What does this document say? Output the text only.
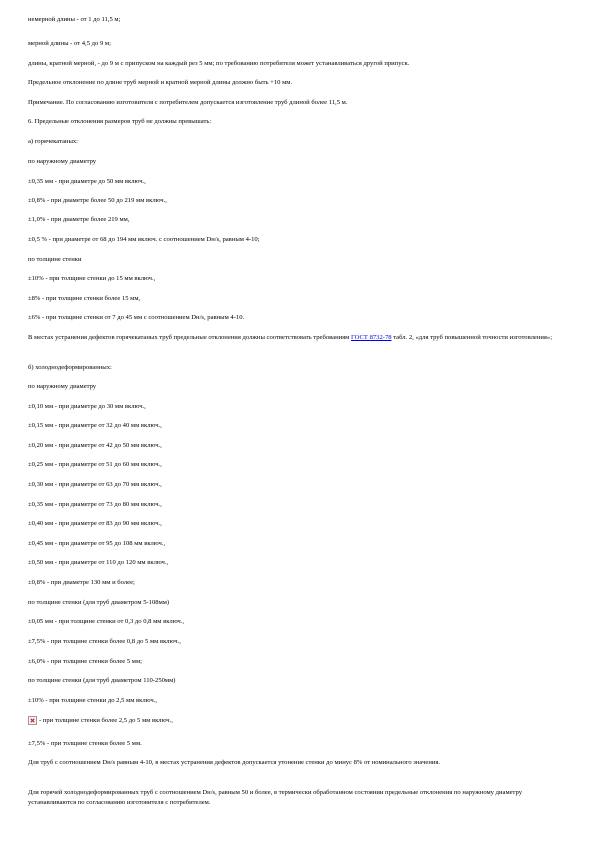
немерной длины - от 1 до 11,5 м;
мерной длины - от 4,5 до 9 м;
длины, кратной мерной, - до 9 м с припуском на каждый рез 5 мм; по требованию потребителя может устанавливаться другой припуск.
Предельное отклонение по длине труб мерной и кратной мерной длины должно быть +10 мм.
Примечание. По согласованию изготовителя с потребителем допускается изготовление труб длиной более 11,5 м.
6. Предельные отклонения размеров труб не должны превышать:
а) горячекатаных:
по наружному диаметру
±0,35 мм - при диаметре до 50 мм включ.,
±0,8% - при диаметре более 50 до 219 мм включ.,
±1,0% - при диаметре более 219 мм,
±0,5 % - при диаметре от 68 до 194 мм включ. с соотношением Dн/s, равным 4-10;
по толщине стенки
±10% - при толщине стенки до 15 мм включ.,
±8% - при толщине стенки более 15 мм,
±6% - при толщине стенки от 7 до 45 мм с соотношением Dн/s, равным 4-10.
В местах устранения дефектов горячекатаных труб предельные отклонения должны соответствовать требованиям ГОСТ 8732-78 табл. 2, «для труб повышенной точности изготовления»;
б) холоднодеформированных:
по наружному диаметру
±0,10 мм - при диаметре до 30 мм включ.,
±0,15 мм - при диаметре от 32 до 40 мм включ.,
±0,20 мм - при диаметре от 42 до 50 мм включ.,
±0,25 мм - при диаметре от 51 до 60 мм включ.,
±0,30 мм - при диаметре от 63 до 70 мм включ.,
±0,35 мм - при диаметре от 73 до 80 мм включ.,
±0,40 мм - при диаметре от 83 до 90 мм включ.,
±0,45 мм - при диаметре от 95 до 108 мм включ.,
±0,50 мм - при диаметре от 110 до 120 мм включ.,
±0,8% - при диаметре 130 мм и более;
по толщине стенки (для труб диаметром 5-108мм)
±0,05 мм - при толщине стенки от 0,3 до 0,8 мм включ.,
±7,5% - при толщине стенки более 0,8 до 5 мм включ.,
±6,0% - при толщине стенки более 5 мм;
по толщине стенки (для труб диаметром 110-250мм)
±10% - при толщине стенки до 2,5 мм включ.,
- при толщине стенки более 2,5 до 5 мм включ.,
±7,5% - при толщине стенки более 5 мм.
Для труб с соотношением Dн/s равным 4-10, в местах устранения дефектов допускается утонение стенки до минус 8% от номинального значения.
Для горячей холоднодеформированных труб с соотношением Dн/s, равным 50 и более, в термически обработанном состоянии предельные отклонения по наружному диаметру устанавливаются по согласованию изготовителя с потребителем.
